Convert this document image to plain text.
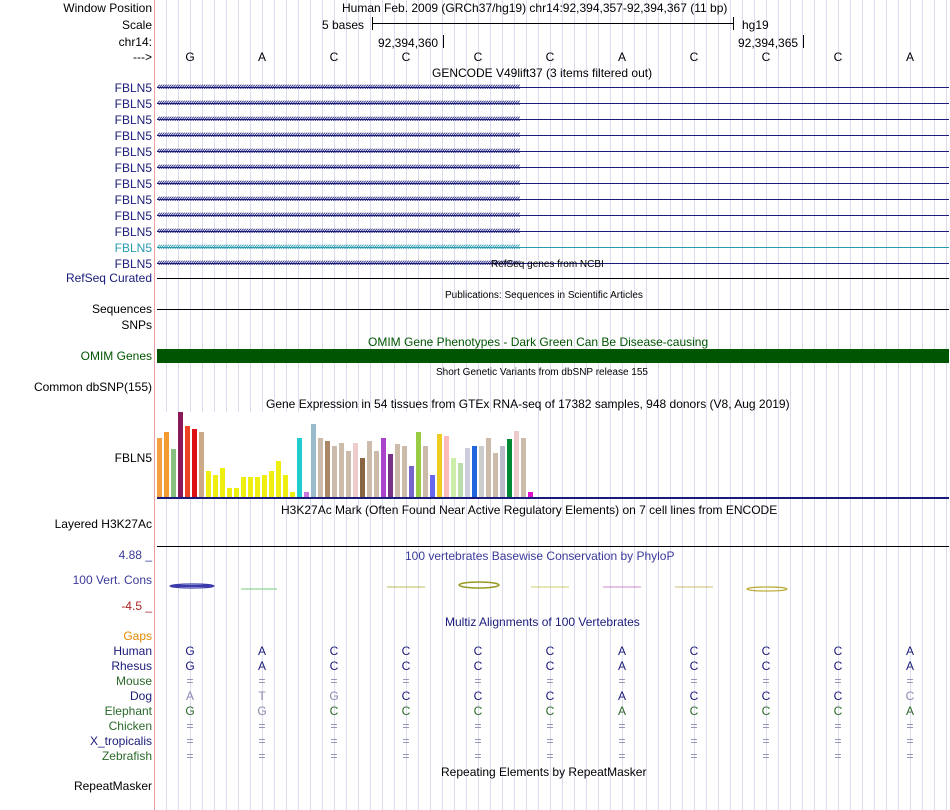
Window Position	Human Feb. 2009 (GRCh37/hg19) chr14:92,394,357-92,394,367 (11 bp)
Scale	5 bases	hg19
chr14:	92,394,360	92,394,365
--->	G	A	C	C	C	C	A	C	C	C	A
GENCODE V49lift37 (3 items filtered out)
FBLN5 ‹‹‹‹‹‹‹‹‹‹‹‹‹‹‹‹‹‹‹‹‹‹‹‹‹‹‹‹‹‹‹‹‹‹‹‹‹‹‹‹‹‹‹‹‹‹‹‹‹‹‹‹‹‹‹‹‹‹‹‹‹‹‹‹‹‹‹‹‹‹‹‹‹‹‹‹‹‹‹‹‹‹‹‹‹‹‹‹‹‹‹‹‹‹‹‹‹‹‹‹‹‹‹‹‹‹‹‹‹‹‹‹‹‹‹‹‹‹‹‹‹‹‹‹‹‹‹‹‹‹‹‹‹‹‹‹‹‹‹‹‹‹‹‹‹‹‹‹‹‹‹‹‹‹‹‹‹‹‹‹
FBLN5 ‹‹‹‹‹‹‹‹‹‹‹‹‹‹‹‹‹‹‹‹‹‹‹‹‹‹‹‹‹‹‹‹‹‹‹‹‹‹‹‹‹‹‹‹‹‹‹‹‹‹‹‹‹‹‹‹‹‹‹‹‹‹‹‹‹‹‹‹‹‹‹‹‹‹‹‹‹‹‹‹‹‹‹‹‹‹‹‹‹‹‹‹‹‹‹‹‹‹‹‹‹‹‹‹‹‹‹‹‹‹‹‹‹‹‹‹‹‹‹‹‹‹‹‹‹‹‹‹‹‹‹‹‹‹‹‹‹‹‹‹‹‹‹‹‹‹‹‹‹‹‹‹‹‹‹‹‹‹‹‹
FBLN5 ‹‹‹‹‹‹‹‹‹‹‹‹‹‹‹‹‹‹‹‹‹‹‹‹‹‹‹‹‹‹‹‹‹‹‹‹‹‹‹‹‹‹‹‹‹‹‹‹‹‹‹‹‹‹‹‹‹‹‹‹‹‹‹‹‹‹‹‹‹‹‹‹‹‹‹‹‹‹‹‹‹‹‹‹‹‹‹‹‹‹‹‹‹‹‹‹‹‹‹‹‹‹‹‹‹‹‹‹‹‹‹‹‹‹‹‹‹‹‹‹‹‹‹‹‹‹‹‹‹‹‹‹‹‹‹‹‹‹‹‹‹‹‹‹‹‹‹‹‹‹‹‹‹‹‹‹‹‹‹‹
FBLN5 ‹‹‹‹‹‹‹‹‹‹‹‹‹‹‹‹‹‹‹‹‹‹‹‹‹‹‹‹‹‹‹‹‹‹‹‹‹‹‹‹‹‹‹‹‹‹‹‹‹‹‹‹‹‹‹‹‹‹‹‹‹‹‹‹‹‹‹‹‹‹‹‹‹‹‹‹‹‹‹‹‹‹‹‹‹‹‹‹‹‹‹‹‹‹‹‹‹‹‹‹‹‹‹‹‹‹‹‹‹‹‹‹‹‹‹‹‹‹‹‹‹‹‹‹‹‹‹‹‹‹‹‹‹‹‹‹‹‹‹‹‹‹‹‹‹‹‹‹‹‹‹‹‹‹‹‹‹‹‹‹
FBLN5 ‹‹‹‹‹‹‹‹‹‹‹‹‹‹‹‹‹‹‹‹‹‹‹‹‹‹‹‹‹‹‹‹‹‹‹‹‹‹‹‹‹‹‹‹‹‹‹‹‹‹‹‹‹‹‹‹‹‹‹‹‹‹‹‹‹‹‹‹‹‹‹‹‹‹‹‹‹‹‹‹‹‹‹‹‹‹‹‹‹‹‹‹‹‹‹‹‹‹‹‹‹‹‹‹‹‹‹‹‹‹‹‹‹‹‹‹‹‹‹‹‹‹‹‹‹‹‹‹‹‹‹‹‹‹‹‹‹‹‹‹‹‹‹‹‹‹‹‹‹‹‹‹‹‹‹‹‹‹‹‹
FBLN5 ‹‹‹‹‹‹‹‹‹‹‹‹‹‹‹‹‹‹‹‹‹‹‹‹‹‹‹‹‹‹‹‹‹‹‹‹‹‹‹‹‹‹‹‹‹‹‹‹‹‹‹‹‹‹‹‹‹‹‹‹‹‹‹‹‹‹‹‹‹‹‹‹‹‹‹‹‹‹‹‹‹‹‹‹‹‹‹‹‹‹‹‹‹‹‹‹‹‹‹‹‹‹‹‹‹‹‹‹‹‹‹‹‹‹‹‹‹‹‹‹‹‹‹‹‹‹‹‹‹‹‹‹‹‹‹‹‹‹‹‹‹‹‹‹‹‹‹‹‹‹‹‹‹‹‹‹‹‹‹‹
FBLN5 ‹‹‹‹‹‹‹‹‹‹‹‹‹‹‹‹‹‹‹‹‹‹‹‹‹‹‹‹‹‹‹‹‹‹‹‹‹‹‹‹‹‹‹‹‹‹‹‹‹‹‹‹‹‹‹‹‹‹‹‹‹‹‹‹‹‹‹‹‹‹‹‹‹‹‹‹‹‹‹‹‹‹‹‹‹‹‹‹‹‹‹‹‹‹‹‹‹‹‹‹‹‹‹‹‹‹‹‹‹‹‹‹‹‹‹‹‹‹‹‹‹‹‹‹‹‹‹‹‹‹‹‹‹‹‹‹‹‹‹‹‹‹‹‹‹‹‹‹‹‹‹‹‹‹‹‹‹‹‹‹
FBLN5 ‹‹‹‹‹‹‹‹‹‹‹‹‹‹‹‹‹‹‹‹‹‹‹‹‹‹‹‹‹‹‹‹‹‹‹‹‹‹‹‹‹‹‹‹‹‹‹‹‹‹‹‹‹‹‹‹‹‹‹‹‹‹‹‹‹‹‹‹‹‹‹‹‹‹‹‹‹‹‹‹‹‹‹‹‹‹‹‹‹‹‹‹‹‹‹‹‹‹‹‹‹‹‹‹‹‹‹‹‹‹‹‹‹‹‹‹‹‹‹‹‹‹‹‹‹‹‹‹‹‹‹‹‹‹‹‹‹‹‹‹‹‹‹‹‹‹‹‹‹‹‹‹‹‹‹‹‹‹‹‹
FBLN5 ‹‹‹‹‹‹‹‹‹‹‹‹‹‹‹‹‹‹‹‹‹‹‹‹‹‹‹‹‹‹‹‹‹‹‹‹‹‹‹‹‹‹‹‹‹‹‹‹‹‹‹‹‹‹‹‹‹‹‹‹‹‹‹‹‹‹‹‹‹‹‹‹‹‹‹‹‹‹‹‹‹‹‹‹‹‹‹‹‹‹‹‹‹‹‹‹‹‹‹‹‹‹‹‹‹‹‹‹‹‹‹‹‹‹‹‹‹‹‹‹‹‹‹‹‹‹‹‹‹‹‹‹‹‹‹‹‹‹‹‹‹‹‹‹‹‹‹‹‹‹‹‹‹‹‹‹‹‹‹‹
FBLN5 ‹‹‹‹‹‹‹‹‹‹‹‹‹‹‹‹‹‹‹‹‹‹‹‹‹‹‹‹‹‹‹‹‹‹‹‹‹‹‹‹‹‹‹‹‹‹‹‹‹‹‹‹‹‹‹‹‹‹‹‹‹‹‹‹‹‹‹‹‹‹‹‹‹‹‹‹‹‹‹‹‹‹‹‹‹‹‹‹‹‹‹‹‹‹‹‹‹‹‹‹‹‹‹‹‹‹‹‹‹‹‹‹‹‹‹‹‹‹‹‹‹‹‹‹‹‹‹‹‹‹‹‹‹‹‹‹‹‹‹‹‹‹‹‹‹‹‹‹‹‹‹‹‹‹‹‹‹‹‹‹
FBLN5 ‹‹‹‹‹‹‹‹‹‹‹‹‹‹‹‹‹‹‹‹‹‹‹‹‹‹‹‹‹‹‹‹‹‹‹‹‹‹‹‹‹‹‹‹‹‹‹‹‹‹‹‹‹‹‹‹‹‹‹‹‹‹‹‹‹‹‹‹‹‹‹‹‹‹‹‹‹‹‹‹‹‹‹‹‹‹‹‹‹‹‹‹‹‹‹‹‹‹‹‹‹‹‹‹‹‹‹‹‹‹‹‹‹‹‹‹‹‹‹‹‹‹‹‹‹‹‹‹‹‹‹‹‹‹‹‹‹‹‹‹‹‹‹‹‹‹‹‹‹‹‹‹‹‹‹‹‹‹‹‹
FBLN5 ‹‹‹‹‹‹‹‹‹‹‹‹‹‹‹‹‹‹‹‹‹‹‹‹‹‹‹‹‹‹‹‹‹‹‹‹‹‹‹‹‹‹‹‹‹‹‹‹‹‹‹‹‹‹‹‹‹‹‹‹‹‹‹‹‹‹‹‹‹‹‹‹‹‹‹‹‹‹‹‹‹‹‹‹‹‹‹‹‹‹‹‹‹‹‹‹‹‹‹‹‹‹‹‹‹‹‹‹‹‹‹‹‹‹‹‹‹‹‹‹‹‹‹‹‹‹‹‹‹‹‹‹‹‹‹‹‹‹‹‹‹‹‹‹‹‹‹‹‹‹‹‹‹‹‹‹‹‹‹‹
RefSeq genes from NCBI
RefSeq Curated
Publications: Sequences in Scientific Articles
Sequences
SNPs
OMIM Gene Phenotypes - Dark Green Can Be Disease-causing
OMIM Genes
Short Genetic Variants from dbSNP release 155
Common dbSNP(155)
Gene Expression in 54 tissues from GTEx RNA-seq of 17382 samples, 948 donors (V8, Aug 2019)
FBLN5
H3K27Ac Mark (Often Found Near Active Regulatory Elements) on 7 cell lines from ENCODE
Layered H3K27Ac
4.88 _	100 vertebrates Basewise Conservation by PhyloP
100 Vert. Cons
-4.5 _
Multiz Alignments of 100 Vertebrates
Gaps
Human	G	A	C	C	C	C	A	C	C	C	A
Rhesus	G	A	C	C	C	C	A	C	C	C	A
Mouse	=	=	=	=	=	=	=	=	=	=	=
Dog	A	T	G	C	C	C	A	C	C	C	C
Elephant	G	G	C	C	C	C	A	C	C	C	A
Chicken	=	=	=	=	=	=	=	=	=	=	=
X_tropicalis	=	=	=	=	=	=	=	=	=	=	=
Zebrafish	=	=	=	=	=	=	=	=	=	=	=
Repeating Elements by RepeatMasker
RepeatMasker
